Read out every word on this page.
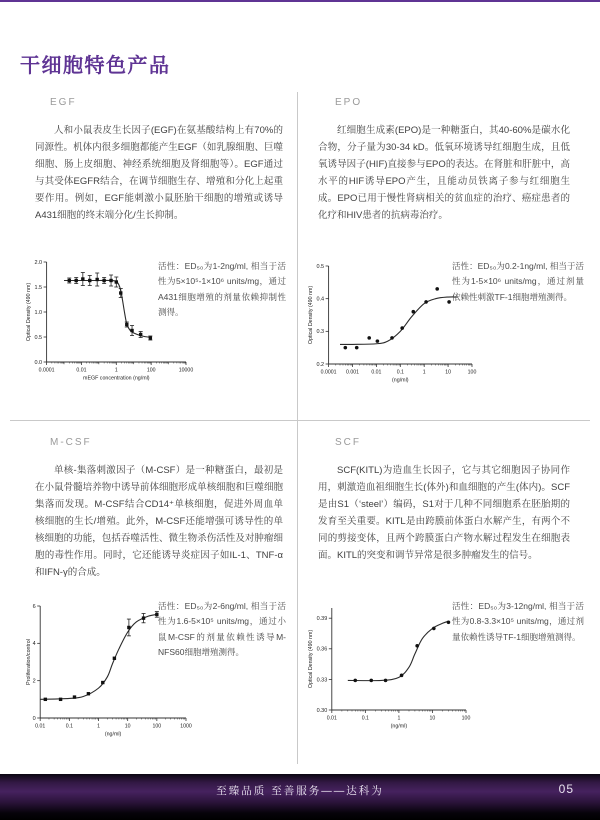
干细胞特色产品
EGF

人和小鼠表皮生长因子(EGF)在氨基酸结构上有70%的同源性。机体内很多细胞都能产生EGF（如乳腺细胞、巨噬细胞、肠上皮细胞、神经系统细胞及肾细胞等）。EGF通过与其受体EGFR结合，在调节细胞生存、增殖和分化上起重要作用。例如，EGF能刺激小鼠胚胎干细胞的增殖或诱导A431细胞的终末端分化/生长抑制。

活性：ED₅₀为1-2ng/ml, 相当于活性为5×10⁵-1×10⁶ units/mg，通过A431细胞增殖的剂量依赖抑制性测得。

0.0
0.5
1.0
1.5
2.0
0.0001	0.01	1	100	10000
mEGF concentration (ng/ml)
Optical Density (490 nm)
EPO

红细胞生成素(EPO)是一种糖蛋白，其40-60%是碳水化合物，分子量为30-34 kD。低氧环境诱导红细胞生成，且低氧诱导因子(HIF)直接参与EPO的表达。在肾脏和肝脏中，高水平的HIF诱导EPO产生，且能动员铁离子参与红细胞生成。EPO已用于慢性肾病相关的贫血症的治疗、癌症患者的化疗和HIV患者的抗病毒治疗。

活性：ED₅₀为0.2-1ng/ml, 相当于活性为1-5×10⁶ units/mg，通过剂量依赖性刺激TF-1细胞增殖测得。

0.2
0.3
0.4
0.5
0.0001 0.001 0.01	0.1	1	10	100
(ng/ml)
Optical Density (490 nm)
M-CSF

单核-集落刺激因子（M-CSF）是一种糖蛋白，最初是在小鼠骨髓培养物中诱导前体细胞形成单核细胞和巨噬细胞集落而发现。M-CSF结合CD14⁺单核细胞，促进外周血单核细胞的生长/增殖。此外，M-CSF还能增强可诱导性的单核细胞的功能，包括吞噬活性、微生物杀伤活性及对肿瘤细胞的毒性作用。同时，它还能诱导炎症因子如IL-1、TNF-α和IFN-γ的合成。

活性：ED₅₀为2-6ng/ml, 相当于活性为1.6-5×10⁵ units/mg，通过小鼠M-CSF的剂量依赖性诱导M-NFS60细胞增殖测得。

0
2
4
6
0.01	0.1	1	10	100	1000
(ng/ml)
Proliferation/control
SCF

SCF(KITL)为造血生长因子，它与其它细胞因子协同作用，刺激造血祖细胞生长(体外)和血细胞的产生(体内)。SCF是由S1（‘steel’）编码，S1对于几种不同细胞系在胚胎期的发育至关重要。KITL是由跨膜前体蛋白水解产生，有两个不同的剪接变体，且两个跨膜蛋白产物水解过程发生在细胞表面。KITL的突变和调节异常是很多肿瘤发生的信号。

活性：ED₅₀为3-12ng/ml, 相当于活性为0.8-3.3×10⁵ units/mg，通过剂量依赖性诱导TF-1细胞增殖测得。

0.30
0.33
0.36
0.39
0.01	0.1	1	10	100
(ng/ml)
Optical Density (490 nm)
至臻品质 至善服务——达科为	05
